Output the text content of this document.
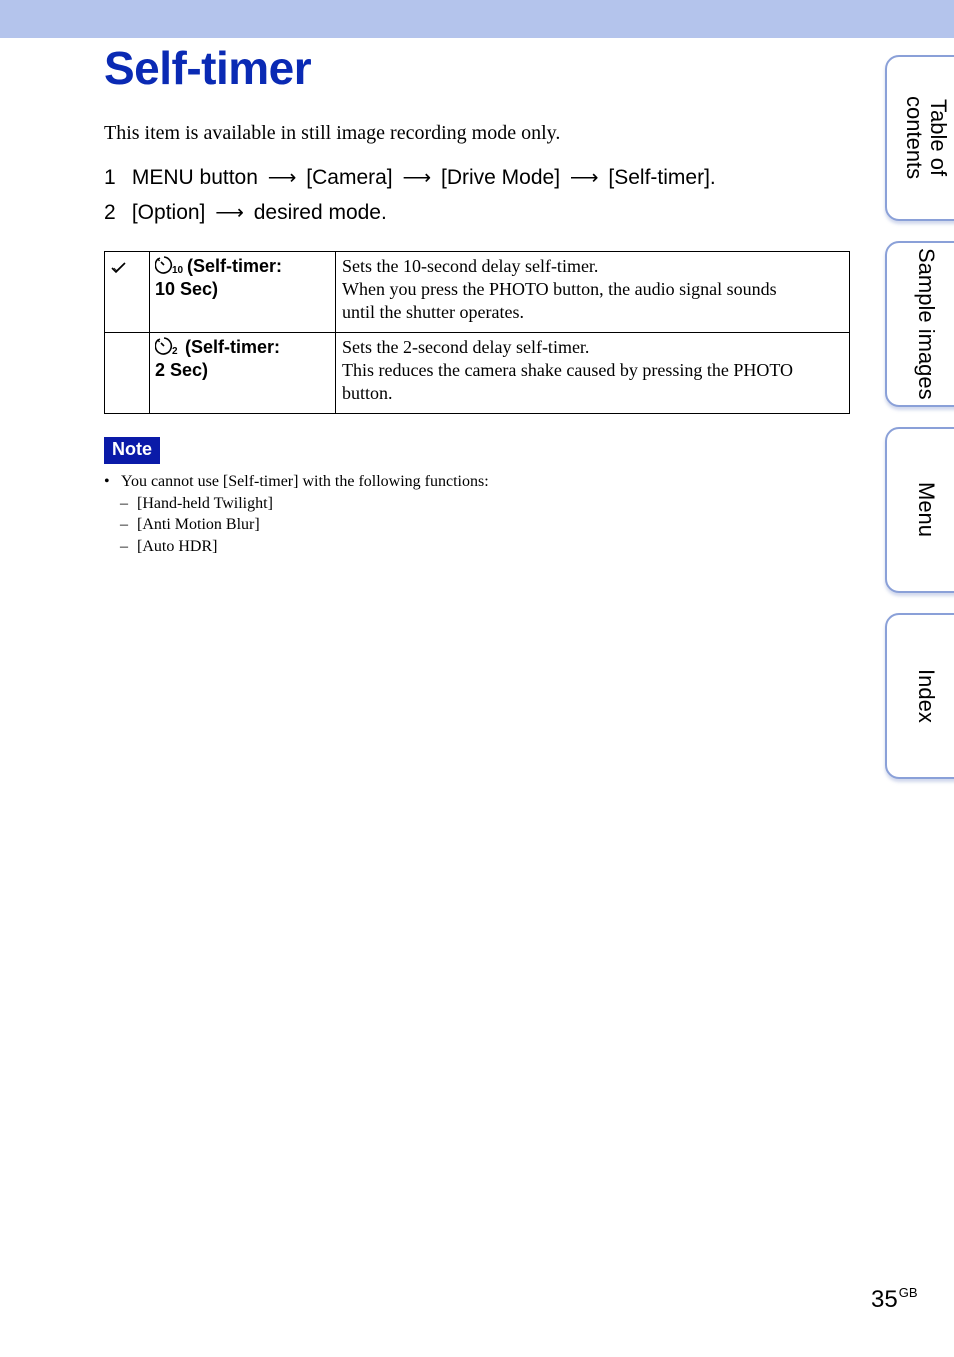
Self-timer
This item is available in still image recording mode only.
1 MENU button ⟶ [Camera] ⟶ [Drive Mode] ⟶ [Self-timer].
2 [Option] ⟶ desired mode.

10 (Self-timer:
10 Sec)	Sets the 10-second delay self-timer.
When you press the PHOTO button, the audio signal sounds
until the shutter operates.

2 (Self-timer:
2 Sec)	Sets the 2-second delay self-timer.
This reduces the camera shake caused by pressing the PHOTO
button.
Note
• You cannot use [Self-timer] with the following functions:
– [Hand-held Twilight]
– [Anti Motion Blur]
– [Auto HDR]
Table of contents
Sample images
Menu
Index
$35^{GB}$
